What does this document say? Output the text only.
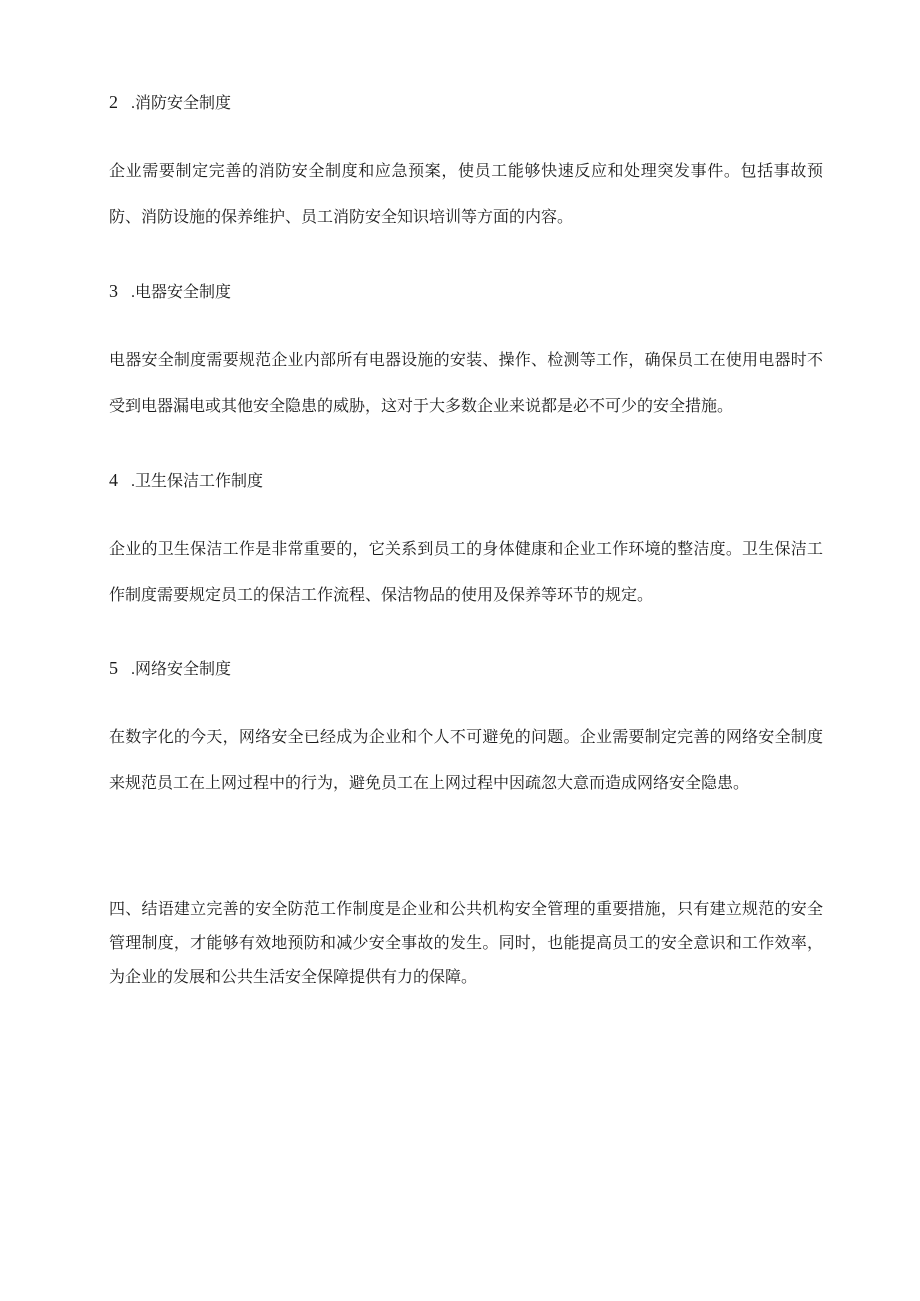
2 .消防安全制度

企业需要制定完善的消防安全制度和应急预案，使员工能够快速反应和处理突发事件。包括事故预防、消防设施的保养维护、员工消防安全知识培训等方面的内容。

3 .电器安全制度

电器安全制度需要规范企业内部所有电器设施的安装、操作、检测等工作，确保员工在使用电器时不受到电器漏电或其他安全隐患的威胁，这对于大多数企业来说都是必不可少的安全措施。

4 .卫生保洁工作制度

企业的卫生保洁工作是非常重要的，它关系到员工的身体健康和企业工作环境的整洁度。卫生保洁工作制度需要规定员工的保洁工作流程、保洁物品的使用及保养等环节的规定。

5 .网络安全制度

在数字化的今天，网络安全已经成为企业和个人不可避免的问题。企业需要制定完善的网络安全制度来规范员工在上网过程中的行为，避免员工在上网过程中因疏忽大意而造成网络安全隐患。

四、结语建立完善的安全防范工作制度是企业和公共机构安全管理的重要措施，只有建立规范的安全管理制度，才能够有效地预防和减少安全事故的发生。同时，也能提高员工的安全意识和工作效率，为企业的发展和公共生活安全保障提供有力的保障。
